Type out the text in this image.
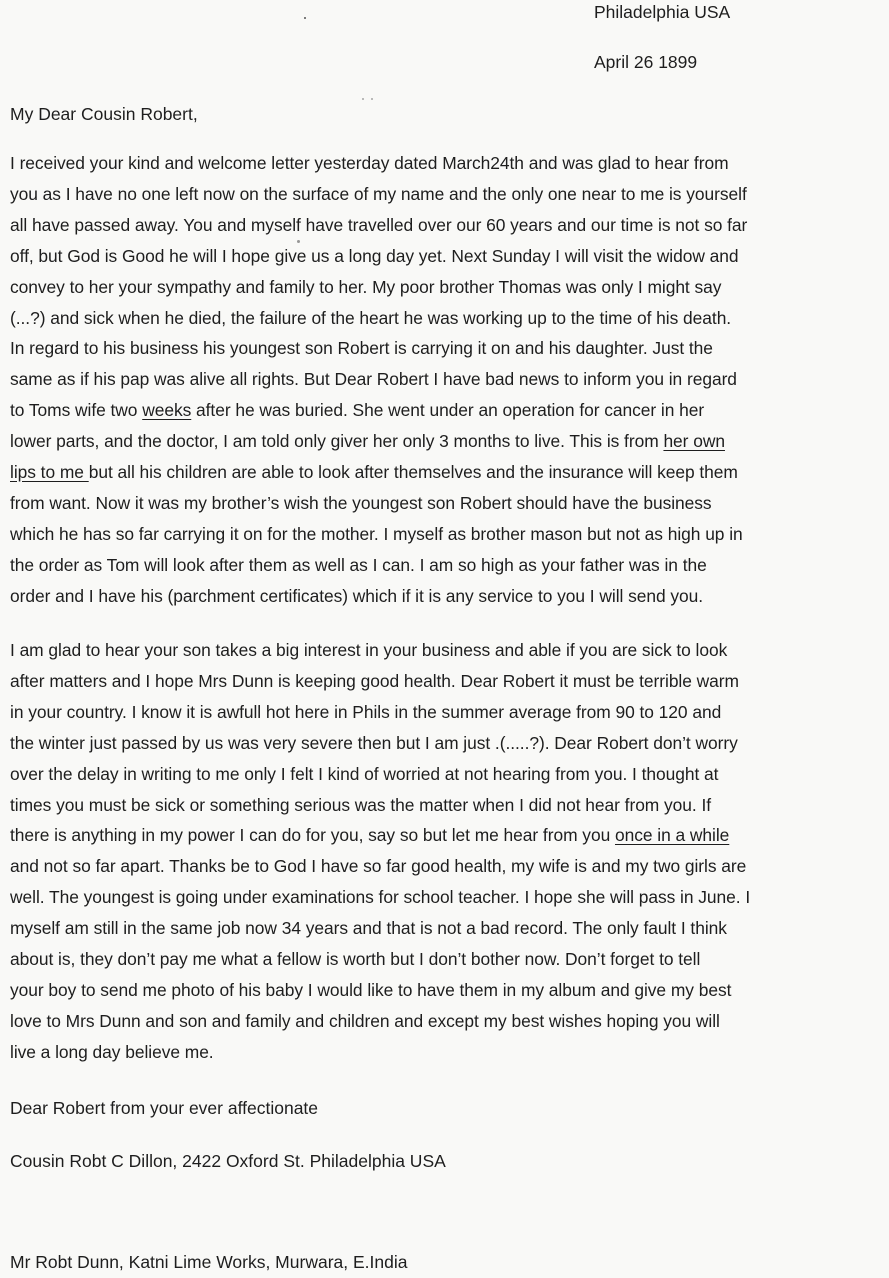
Philadelphia USA
April 26 1899
My Dear Cousin Robert,
I received your kind and welcome letter yesterday dated March24th and was glad to hear from
you as I have no one left now on the surface of my name and the only one near to me is yourself
all have passed away. You and myself have travelled over our 60 years and our time is not so far
off, but God is Good he will I hope give us a long day yet. Next Sunday I will visit the widow and
convey to her your sympathy and family to her. My poor brother Thomas was only I might say
(...?) and sick when he died, the failure of the heart he was working up to the time of his death.
In regard to his business his youngest son Robert is carrying it on and his daughter. Just the
same as if his pap was alive all rights. But Dear Robert I have bad news to inform you in regard
to Toms wife two weeks after he was buried. She went under an operation for cancer in her
lower parts, and the doctor, I am told only giver her only 3 months to live. This is from her own
lips to me but all his children are able to look after themselves and the insurance will keep them
from want. Now it was my brother’s wish the youngest son Robert should have the business
which he has so far carrying it on for the mother. I myself as brother mason but not as high up in
the order as Tom will look after them as well as I can. I am so high as your father was in the
order and I have his (parchment certificates) which if it is any service to you I will send you.
I am glad to hear your son takes a big interest in your business and able if you are sick to look
after matters and I hope Mrs Dunn is keeping good health. Dear Robert it must be terrible warm
in your country. I know it is awfull hot here in Phils in the summer average from 90 to 120 and
the winter just passed by us was very severe then but I am just .(.....?). Dear Robert don’t worry
over the delay in writing to me only I felt I kind of worried at not hearing from you. I thought at
times you must be sick or something serious was the matter when I did not hear from you. If
there is anything in my power I can do for you, say so but let me hear from you once in a while
and not so far apart. Thanks be to God I have so far good health, my wife is and my two girls are
well. The youngest is going under examinations for school teacher. I hope she will pass in June. I
myself am still in the same job now 34 years and that is not a bad record. The only fault I think
about is, they don’t pay me what a fellow is worth but I don’t bother now. Don’t forget to tell
your boy to send me photo of his baby I would like to have them in my album and give my best
love to Mrs Dunn and son and family and children and except my best wishes hoping you will
live a long day believe me.
Dear Robert from your ever affectionate
Cousin Robt C Dillon, 2422 Oxford St. Philadelphia USA
Mr Robt Dunn, Katni Lime Works, Murwara, E.India
